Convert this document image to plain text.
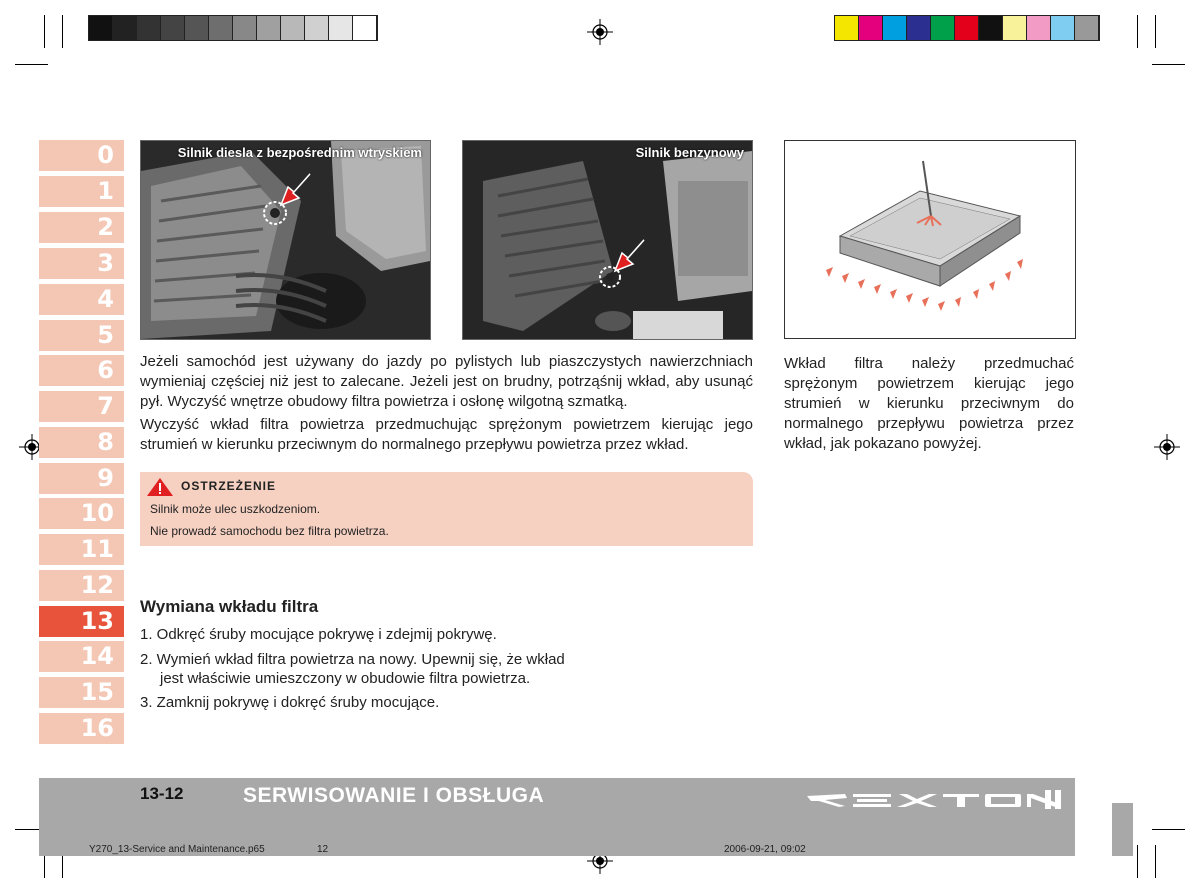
0
1
2
3
4
5
6
7
8
9
10
11
12
13
14
15
16
Silnik diesla z bezpośrednim wtryskiem	Silnik benzynowy
Jeżeli samochód jest używany do jazdy po pylistych lub piaszczystych nawierzchniach wymieniaj częściej niż jest to zalecane. Jeżeli jest on brudny, potrząśnij wkład, aby usunąć pył. Wyczyść wnętrze obudowy filtra powietrza i osłonę wilgotną szmatką.
Wyczyść wkład filtra powietrza przedmuchując sprężonym powietrzem kierując jego strumień w kierunku przeciwnym do normalnego przepływu powietrza przez wkład.
Wkład filtra należy przedmuchać sprężonym powietrzem kierując jego strumień w kierunku przeciwnym do normalnego przepływu powietrza przez wkład, jak pokazano powyżej.
OSTRZEŻENIE
Silnik może ulec uszkodzeniom.
Nie prowadź samochodu bez filtra powietrza.
Wymiana wkładu filtra
1. Odkręć śruby mocujące pokrywę i zdejmij pokrywę.
2. Wymień wkład filtra powietrza na nowy. Upewnij się, że wkład
jest właściwie umieszczony w obudowie filtra powietrza.
3. Zamknij pokrywę i dokręć śruby mocujące.
13-12	SERWISOWANIE I OBSŁUGA
Y270_13-Service and Maintenance.p65	12	2006-09-21, 09:02
